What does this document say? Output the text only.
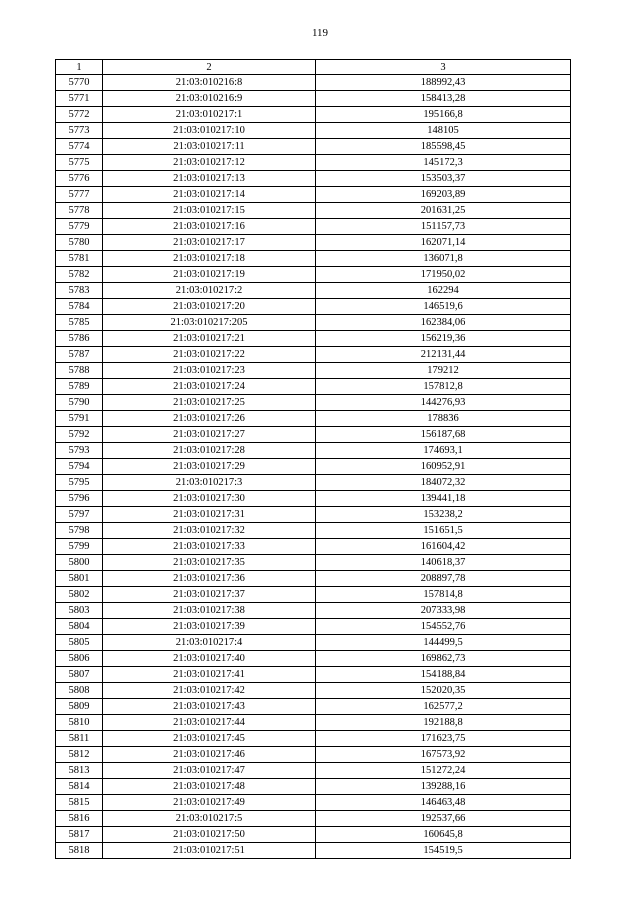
119
1	2	3
5770	21:03:010216:8	188992,43
5771	21:03:010216:9	158413,28
5772	21:03:010217:1	195166,8
5773	21:03:010217:10	148105
5774	21:03:010217:11	185598,45
5775	21:03:010217:12	145172,3
5776	21:03:010217:13	153503,37
5777	21:03:010217:14	169203,89
5778	21:03:010217:15	201631,25
5779	21:03:010217:16	151157,73
5780	21:03:010217:17	162071,14
5781	21:03:010217:18	136071,8
5782	21:03:010217:19	171950,02
5783	21:03:010217:2	162294
5784	21:03:010217:20	146519,6
5785	21:03:010217:205	162384,06
5786	21:03:010217:21	156219,36
5787	21:03:010217:22	212131,44
5788	21:03:010217:23	179212
5789	21:03:010217:24	157812,8
5790	21:03:010217:25	144276,93
5791	21:03:010217:26	178836
5792	21:03:010217:27	156187,68
5793	21:03:010217:28	174693,1
5794	21:03:010217:29	160952,91
5795	21:03:010217:3	184072,32
5796	21:03:010217:30	139441,18
5797	21:03:010217:31	153238,2
5798	21:03:010217:32	151651,5
5799	21:03:010217:33	161604,42
5800	21:03:010217:35	140618,37
5801	21:03:010217:36	208897,78
5802	21:03:010217:37	157814,8
5803	21:03:010217:38	207333,98
5804	21:03:010217:39	154552,76
5805	21:03:010217:4	144499,5
5806	21:03:010217:40	169862,73
5807	21:03:010217:41	154188,84
5808	21:03:010217:42	152020,35
5809	21:03:010217:43	162577,2
5810	21:03:010217:44	192188,8
5811	21:03:010217:45	171623,75
5812	21:03:010217:46	167573,92
5813	21:03:010217:47	151272,24
5814	21:03:010217:48	139288,16
5815	21:03:010217:49	146463,48
5816	21:03:010217:5	192537,66
5817	21:03:010217:50	160645,8
5818	21:03:010217:51	154519,5
